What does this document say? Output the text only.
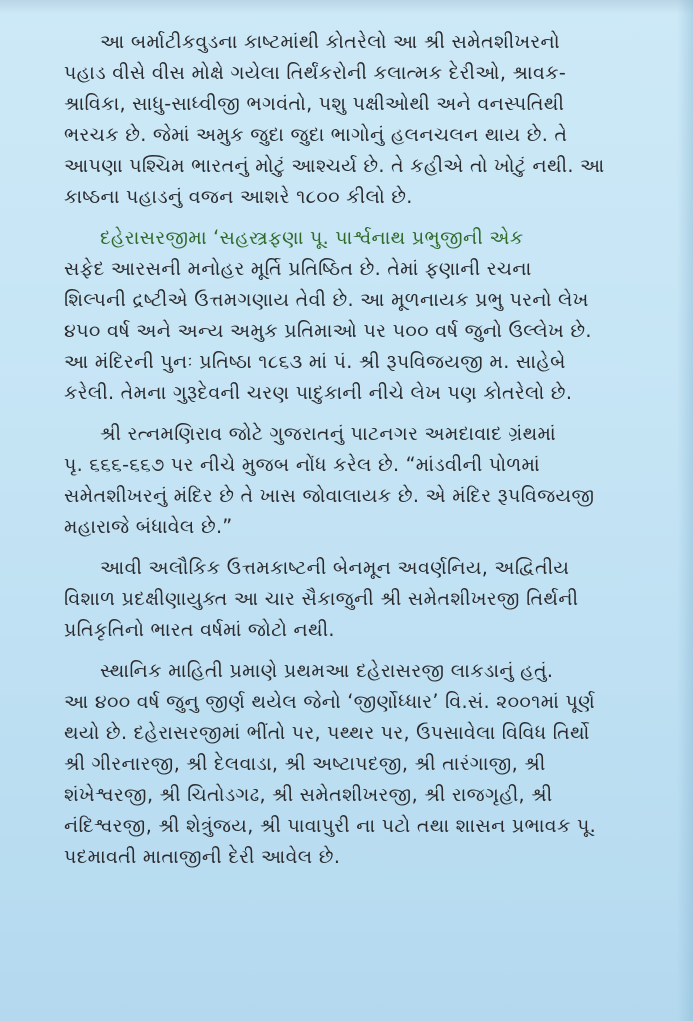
આ બર્માટીકવુડના કાષ્ટમાંથી કોતરેલો આ શ્રી સમેતશીખરનો
પહાડ વીસે વીસ મોક્ષે ગયેલા તિર્થંકરોની કલાત્મક દેરીઓ, શ્રાવક-
શ્રાવિકા, સાધુ-સાધ્વીજી ભગવંતો, પશુ પક્ષીઓથી અને વનસ્પતિથી
ભરચક છે. જેમાં અમુક જુદા જુદા ભાગોનું હલનચલન થાય છે. તે
આપણા પશ્ચિમ ભારતનું મોટું આશ્ચર્ય છે. તે કહીએ તો ખોટું નથી. આ
કાષ્ઠના પહાડનું વજન આશરે ૧૮૦૦ કીલો છે.

દહેરાસરજીમા ‘સહસ્ત્રફણા પૂ. પાર્શ્વનાથ પ્રભુજીની એક
સફેદ આરસની મનોહર મૂર્તિ પ્રતિષ્ઠિત છે. તેમાં ફણાની રચના
શિલ્પની દ્રષ્ટીએ ઉત્તમગણાય તેવી છે. આ મૂળનાયક પ્રભુ પરનો લેખ
૪૫૦ વર્ષ અને અન્ય અમુક પ્રતિમાઓ પર ૫૦૦ વર્ષ જુનો ઉલ્લેખ છે.
આ મંદિરની પુનઃ પ્રતિષ્ઠા ૧૮૬૩ માં પં. શ્રી રૂપવિજયજી મ. સાહેબે
કરેલી. તેમના ગુરૂદેવની ચરણ પાદુકાની નીચે લેખ પણ કોતરેલો છે.

શ્રી રત્નમણિરાવ જોટે ગુજરાતનું પાટનગર અમદાવાદ ગ્રંથમાં
પૃ. ૬૬૬-૬૬૭ પર નીચે મુજબ નોંધ કરેલ છે. “માંડવીની પોળમાં
સમેતશીખરનું મંદિર છે તે ખાસ જોવાલાયક છે. એ મંદિર રૂપવિજયજી
મહારાજે બંધાવેલ છે.”

આવી અલૌકિક ઉત્તમકાષ્ટની બેનમૂન અવર્ણનિય, અદ્વિતીય
વિશાળ પ્રદક્ષીણાયુક્ત આ ચાર સૈકાજુની શ્રી સમેતશીખરજી તિર્થની
પ્રતિકૃતિનો ભારત વર્ષમાં જોટો નથી.

સ્થાનિક માહિતી પ્રમાણે પ્રથમઆ દહેરાસરજી લાકડાનું હતું.
આ ૪૦૦ વર્ષ જુનુ જીર્ણ થયેલ જેનો ‘જીર્ણોધ્ધાર’ વિ.સં. ૨૦૦૧માં પૂર્ણ
થયો છે. દહેરાસરજીમાં ભીંતો પર, પથ્થર પર, ઉપસાવેલા વિવિધ તિર્થો
શ્રી ગીરનારજી, શ્રી દેલવાડા, શ્રી અષ્ટાપદજી, શ્રી તારંગાજી, શ્રી
શંખેશ્વરજી, શ્રી ચિતોડગઢ, શ્રી સમેતશીખરજી, શ્રી રાજગૃહી, શ્રી
નંદિશ્વરજી, શ્રી શેત્રુંજય, શ્રી પાવાપુરી ના પટો તથા શાસન પ્રભાવક પૂ.
પદમાવતી માતાજીની દેરી આવેલ છે.
